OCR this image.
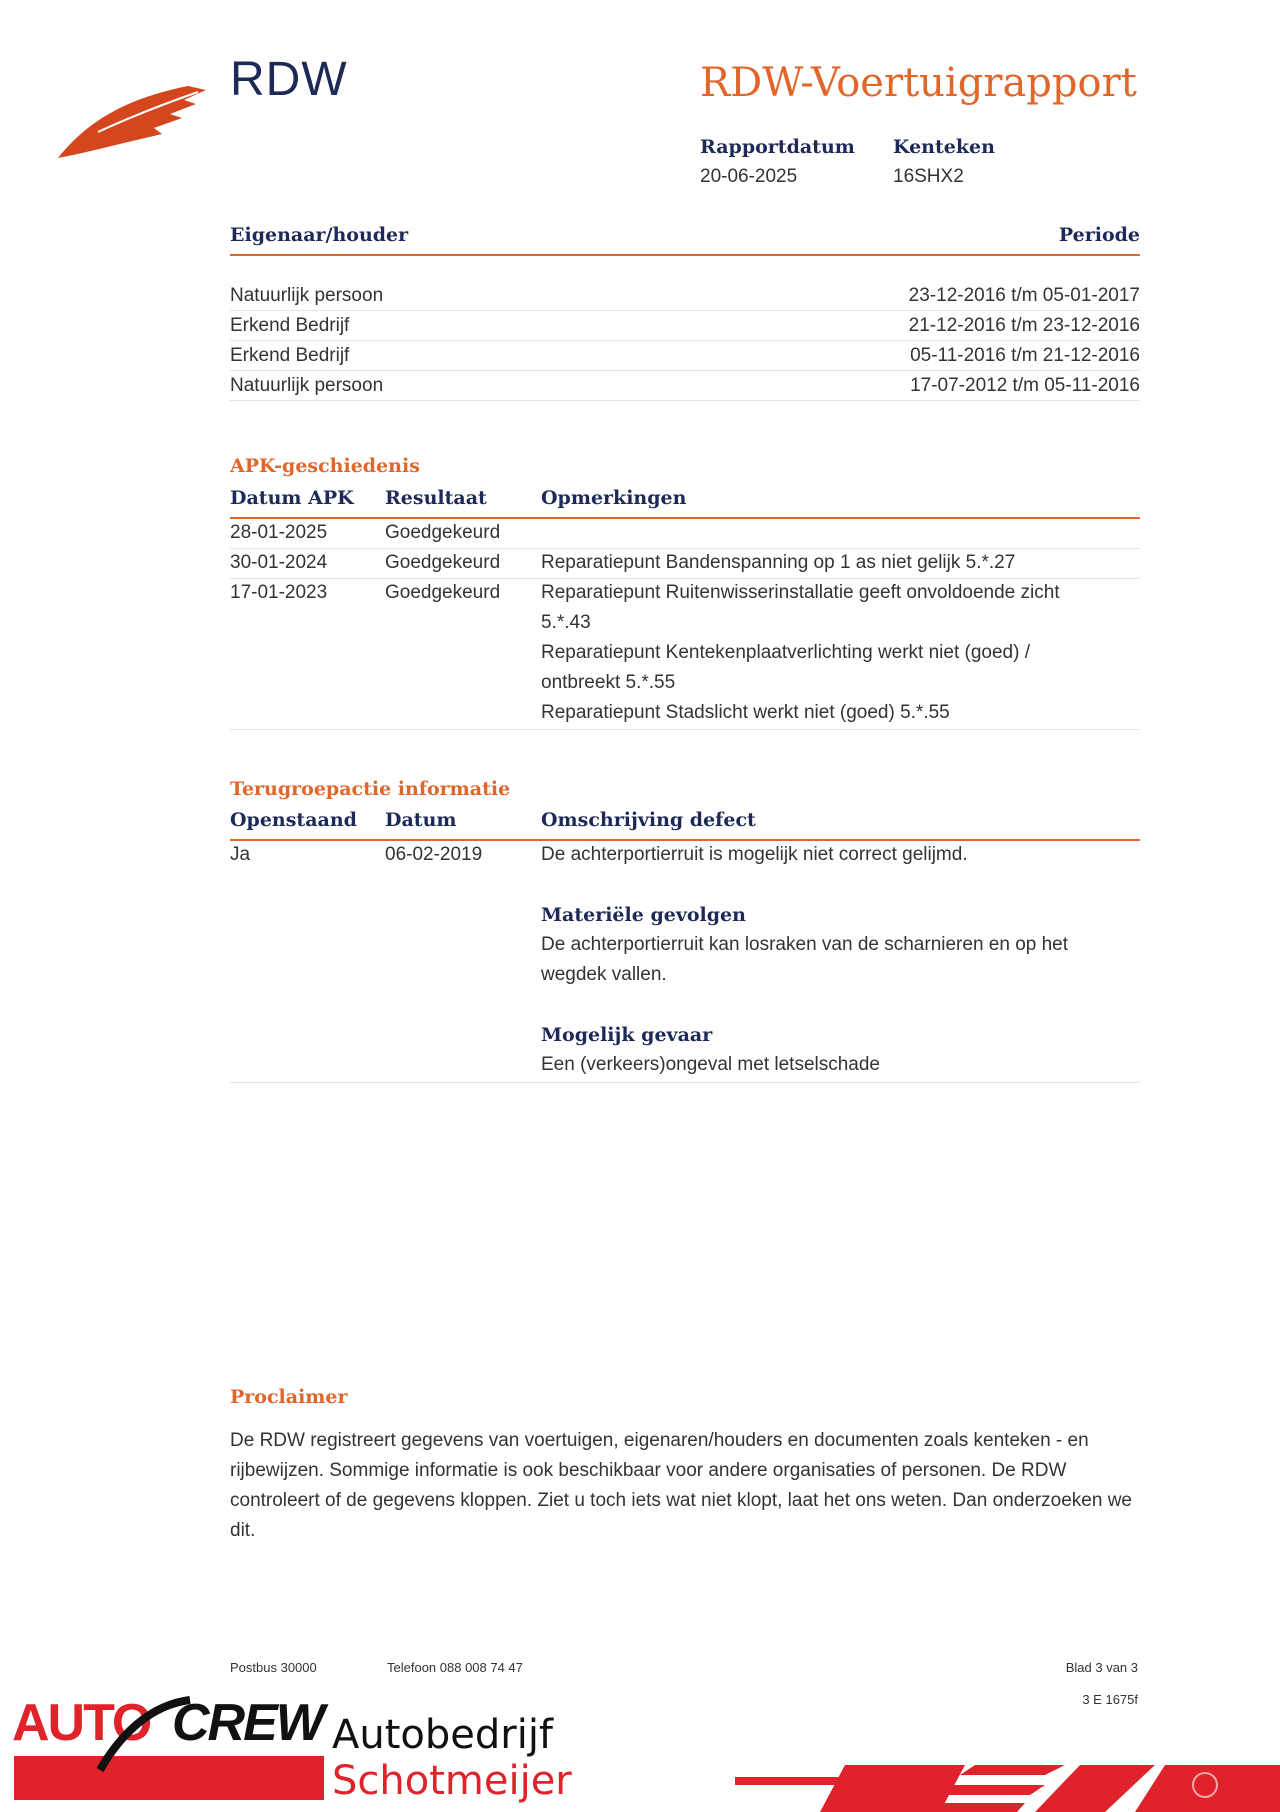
RDW	RDW-Voertuigrapport
Rapportdatum
20-06-2025
Kenteken
16SHX2
Eigenaar/houder	Periode
Natuurlijk persoon	23-12-2016 t/m 05-01-2017
Erkend Bedrijf	21-12-2016 t/m 23-12-2016
Erkend Bedrijf	05-11-2016 t/m 21-12-2016
Natuurlijk persoon	17-07-2012 t/m 05-11-2016
APK-geschiedenis
Datum APK Resultaat	Opmerkingen
28-01-2025	Goedgekeurd
30-01-2024	Goedgekeurd Reparatiepunt Bandenspanning op 1 as niet gelijk 5.*.27
17-01-2023	Goedgekeurd Reparatiepunt Ruitenwisserinstallatie geeft onvoldoende zicht 5.*.43
Reparatiepunt Kentekenplaatverlichting werkt niet (goed) / ontbreekt 5.*.55
Reparatiepunt Stadslicht werkt niet (goed) 5.*.55
Terugroepactie informatie
Openstaand Datum	Omschrijving defect
Ja	06-02-2019	De achterportierruit is mogelijk niet correct gelijmd.
Materiële gevolgen
De achterportierruit kan losraken van de scharnieren en op het wegdek vallen.
Mogelijk gevaar
Een (verkeers)ongeval met letselschade
Proclaimer
De RDW registreert gegevens van voertuigen, eigenaren/houders en documenten zoals kenteken - en rijbewijzen. Sommige informatie is ook beschikbaar voor andere organisaties of personen. De RDW controleert of de gegevens kloppen. Ziet u toch iets wat niet klopt, laat het ons weten. Dan onderzoeken we dit.
Postbus 30000	Telefoon 088 008 74 47	Blad 3 van 3
3 E 1675f
AUTO CREW Autobedrijf
Schotmeijer
